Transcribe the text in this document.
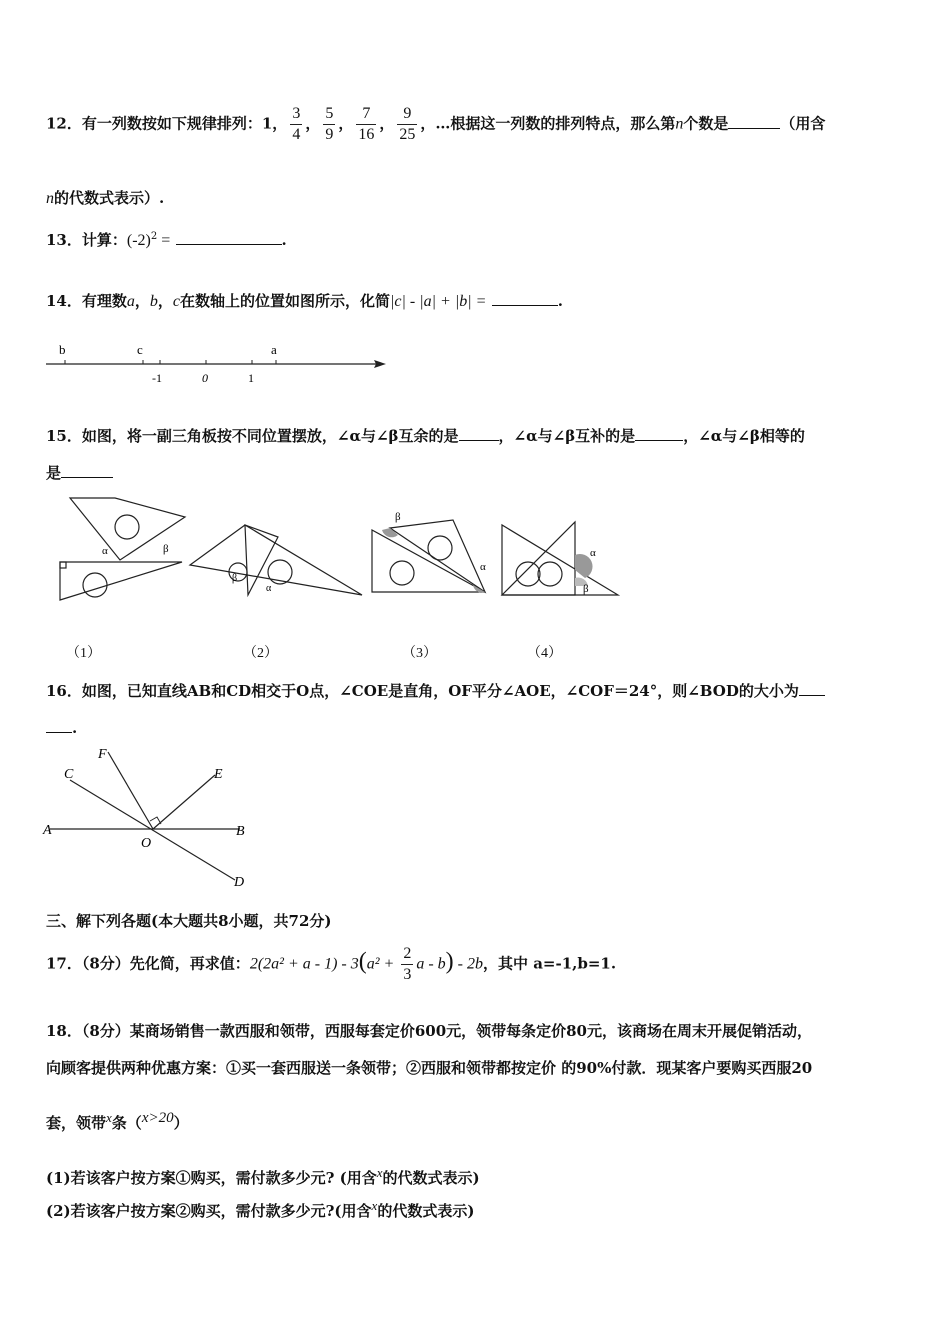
12．有一列数按如下规律排列：1， $\frac{3}{4}$ ， $\frac{5}{9}$ ， $\frac{7}{16}$ ， $\frac{9}{25}$ ，…根据这一列数的排列特点，那么第n个数是	（用含
n的代数式表示）.
13．计算：$(-2)^2$ =	.
14．有理数a，b，c在数轴上的位置如图所示，化简|c| - |a| + |b| =	.
b	c	a
-1	0	1
15．如图，将一副三角板按不同位置摆放，∠α与∠β互余的是	，∠α与∠β互补的是	，∠α与∠β相等的
是
α	β
β
α
β
α
α
β
（1）	（2）	（3）	（4）
16．如图，已知直线AB和CD相交于O点，∠COE是直角，OF平分∠AOE，∠COF＝24°，则∠BOD的大小为
.
A	B
C
D
E
F
O
三、解下列各题(本大题共8小题，共72分)
17．（8分）先化简，再求值：$2(2a^2 + a - 1) - 3(a^2 + \frac{2}{3}$ a - b) - 2b，其中 a=-1,b=1.
18．（8分）某商场销售一款西服和领带，西服每套定价600元，领带每条定价80元，该商场在周末开展促销活动，
向顾客提供两种优惠方案：①买一套西服送一条领带；②西服和领带都按定价 的90%付款．现某客户要购买西服20
套，领带$^x$条（$^{x>20}$）
(1)若该客户按方案①购买，需付款多少元? (用含x的代数式表示)
(2)若该客户按方案②购买，需付款多少元?(用含x的代数式表示)
